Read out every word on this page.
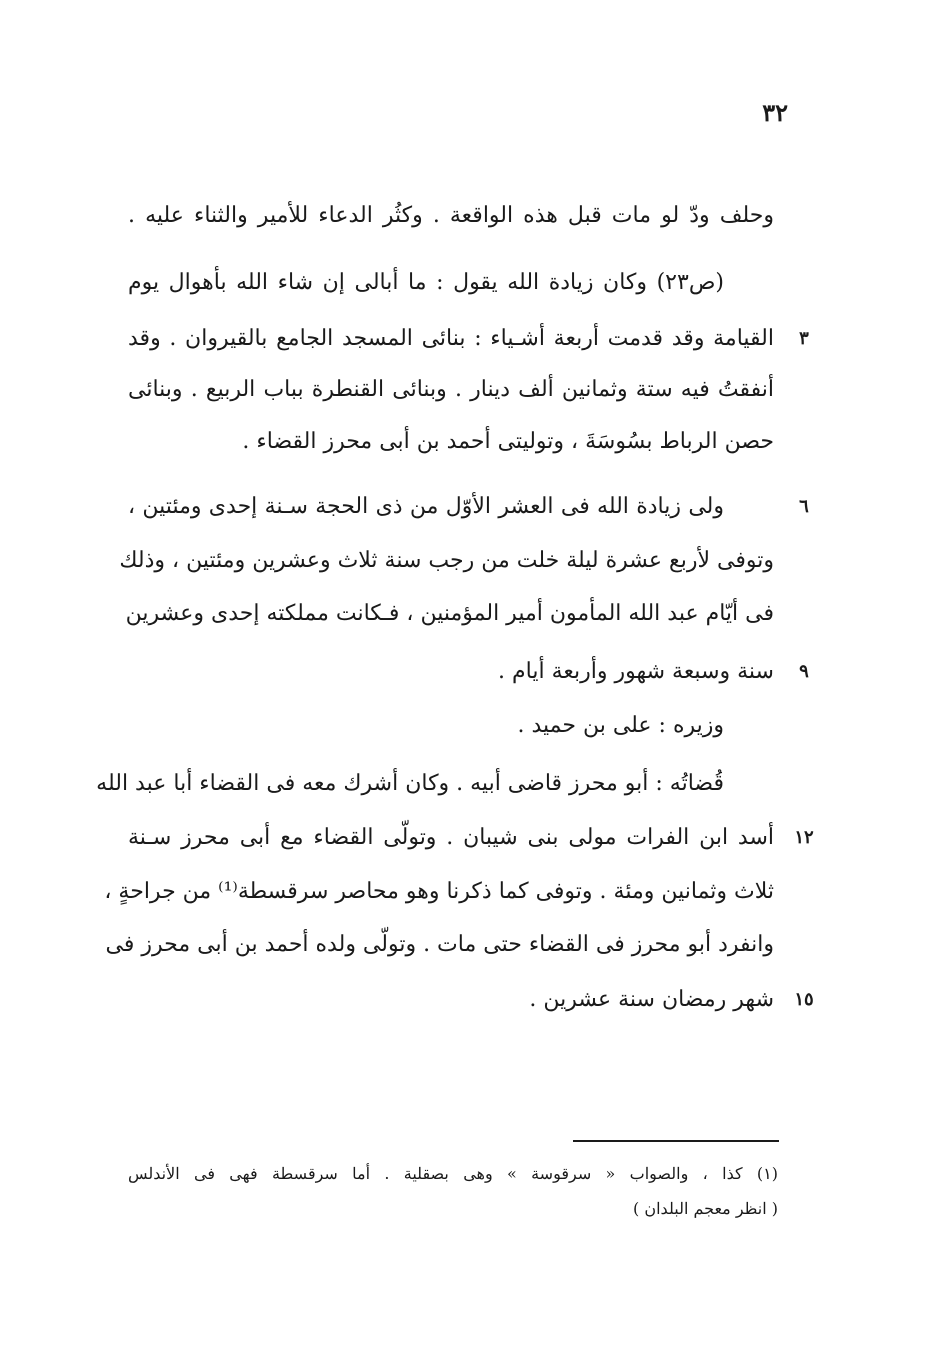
٣٢
وحلف ودّ لو مات قبل هذه الواقعة . وكثُر الدعاء للأمير والثناء عليه .
(ص٢٣) وكان زيادة الله يقول : ما أبالى إن شاء الله بأهوال يوم
القيامة وقد قدمت أربعة أشـياء : بنائى المسجد الجامع بالقيروان . وقد
أنفقتُ فيه ستة وثمانين ألف دينار . وبنائى القنطرة بباب الربيع . وبنائى
حصن الرباط بسُوسَةَ ، وتوليتى أحمد بن أبى محرز القضاء .
ولى زيادة الله فى العشر الأوّل من ذى الحجة سـنة إحدى ومئتين ،
وتوفى لأربع عشرة ليلة خلت من رجب سنة ثلاث وعشرين ومئتين ، وذلك
فى أيّام عبد الله المأمون أمير المؤمنين ، فـكانت مملكته إحدى وعشرين
سنة وسبعة شهور وأربعة أيام .
وزيره : على بن حميد .
قُضاتُه : أبو محرز قاضى أبيه . وكان أشرك معه فى القضاء أبا عبد الله
أسد ابن الفرات مولى بنى شيبان . وتولّى القضاء مع أبى محرز سـنة
ثلاث وثمانين ومئة . وتوفى كما ذكرنا وهو محاصر سرقسطة⁽¹⁾ من جراحةٍ ،
وانفرد أبو محرز فى القضاء حتى مات . وتولّى ولده أحمد بن أبى محرز فى
شهر رمضان سنة عشرين .
٣
٦
٩
١٢
١٥
(١) كذا ، والصواب « سرقوسة » وهى بصقلية . أما سرقسطة فهى فى الأندلس
( انظر معجم البلدان )
